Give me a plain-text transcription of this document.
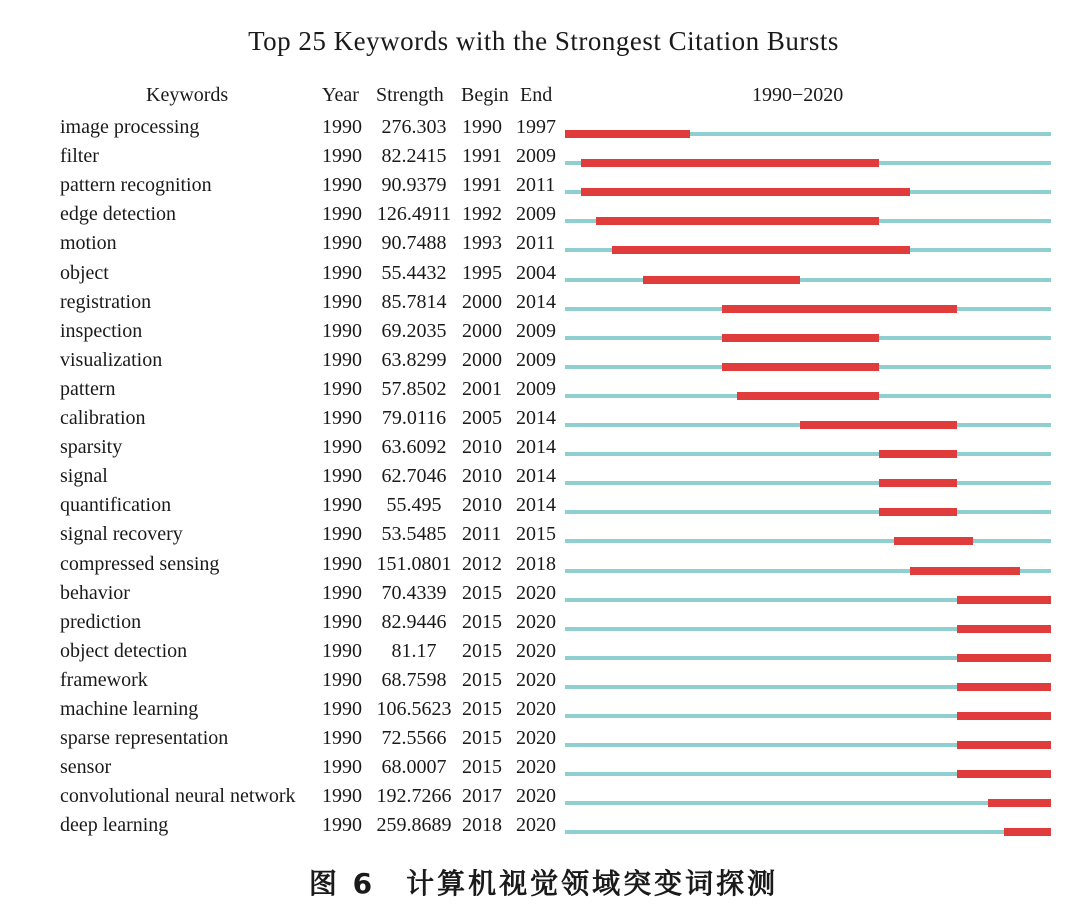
Top 25 Keywords with the Strongest Citation Bursts
Keywords	Year Strength Begin End	1990−2020
image processing	1990 276.303 1990 1997
filter	1990 82.2415 1991 2009
pattern recognition	1990 90.9379 1991 2011
edge detection	1990 126.4911 1992 2009
motion	1990 90.7488 1993 2011
object	1990 55.4432 1995 2004
registration	1990 85.7814 2000 2014
inspection	1990 69.2035 2000 2009
visualization	1990 63.8299 2000 2009
pattern	1990 57.8502 2001 2009
calibration	1990 79.0116 2005 2014
sparsity	1990 63.6092 2010 2014
signal	1990 62.7046 2010 2014
quantification	1990	55.495	2010 2014
signal recovery	1990 53.5485 2011 2015
compressed sensing	1990 151.0801 2012 2018
behavior	1990 70.4339 2015 2020
prediction	1990 82.9446 2015 2020
object detection	1990	81.17	2015 2020
framework	1990 68.7598 2015 2020
machine learning	1990 106.5623 2015 2020
sparse representation	1990 72.5566 2015 2020
sensor	1990 68.0007 2015 2020
convolutional neural network 1990 192.7266 2017 2020
deep learning	1990 259.8689 2018 2020
图 6　计算机视觉领域突变词探测
